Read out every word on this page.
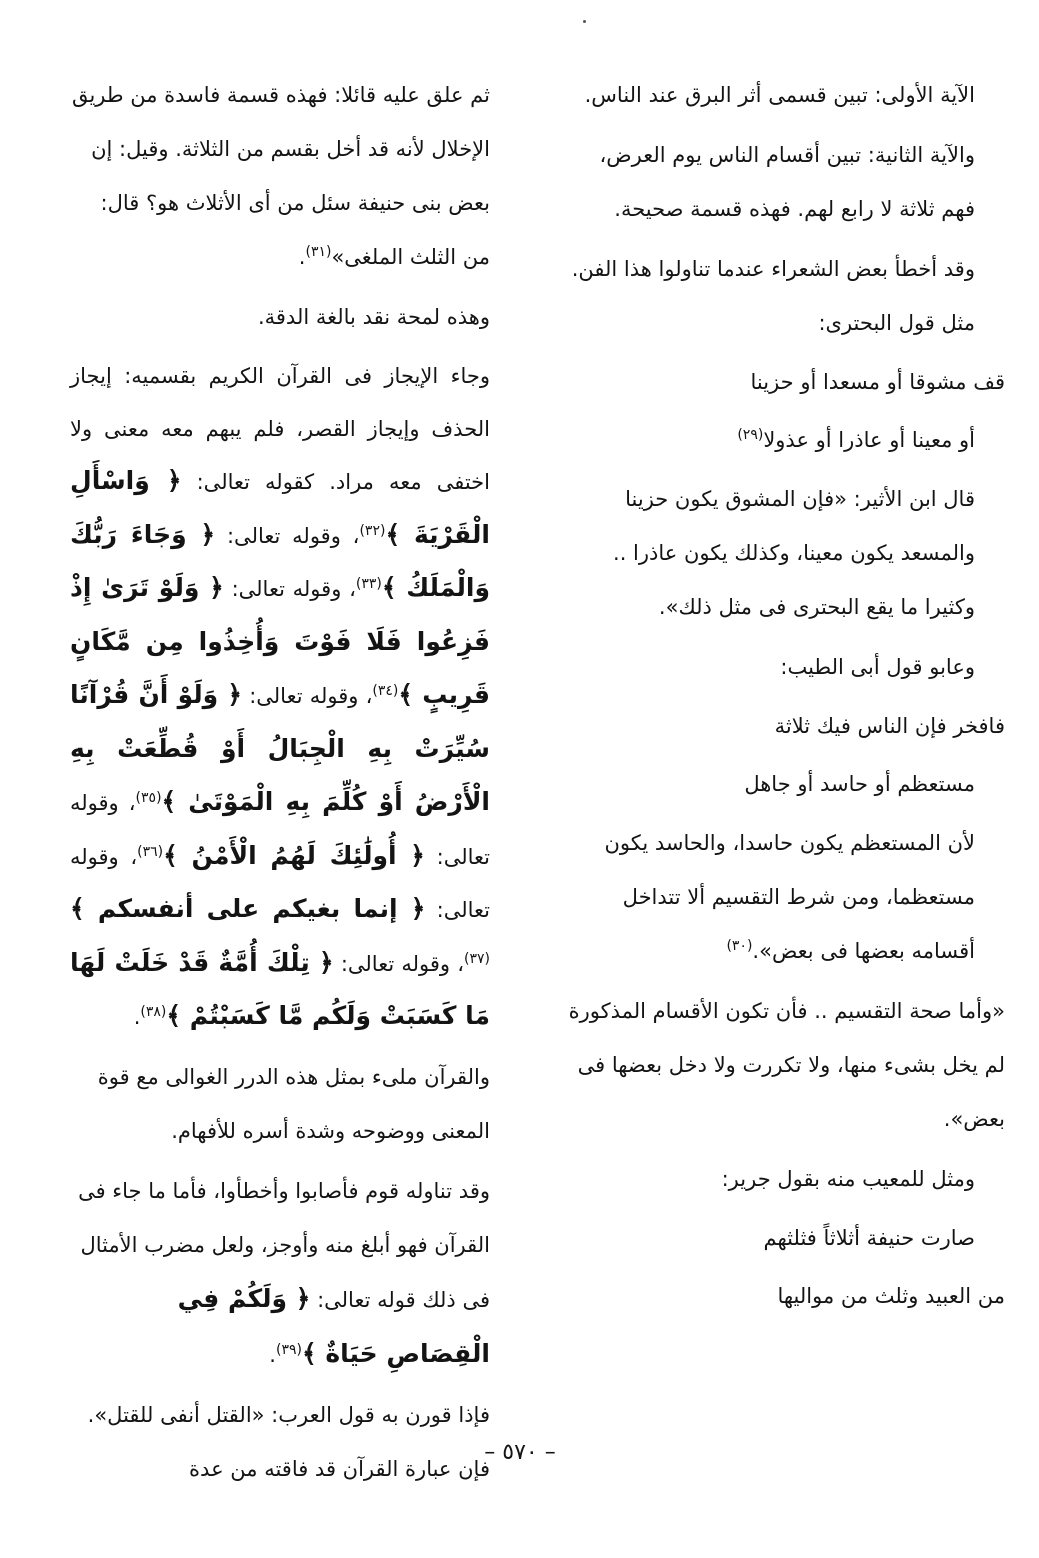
الآية الأولى: تبين قسمى أثر البرق عند الناس.

والآية الثانية: تبين أقسام الناس يوم العرض، فهم ثلاثة لا رابع لهم. فهذه قسمة صحيحة.

وقد أخطأ بعض الشعراء عندما تناولوا هذا الفن. مثل قول البحترى:

قف مشوقا أو مسعدا أو حزينا

أو معينا أو عاذرا أو عذولا$^{(٢٩)}$

قال ابن الأثير: «فإن المشوق يكون حزينا والمسعد يكون معينا، وكذلك يكون عاذرا .. وكثيرا ما يقع البحترى فى مثل ذلك».

وعابو قول أبى الطيب:

فافخر فإن الناس فيك ثلاثة

مستعظم أو حاسد أو جاهل

لأن المستعظم يكون حاسدا، والحاسد يكون مستعظما، ومن شرط التقسيم ألا تتداخل أقسامه بعضها فى بعض».$^{(٣٠)}$

«وأما صحة التقسيم .. فأن تكون الأقسام المذكورة لم يخل بشىء منها، ولا تكررت ولا دخل بعضها فى بعض».

ومثل للمعيب منه بقول جرير:

صارت حنيفة أثلاثاً فثلثهم

من العبيد وثلث من مواليها

ثم علق عليه قائلا: فهذه قسمة فاسدة من طريق الإخلال لأنه قد أخل بقسم من الثلاثة. وقيل: إن بعض بنى حنيفة سئل من أى الأثلاث هو؟ قال: من الثلث الملغى»$^{(٣١)}$.

وهذه لمحة نقد بالغة الدقة.

وجاء الإيجاز فى القرآن الكريم بقسميه: إيجاز الحذف وإيجاز القصر، فلم يبهم معه معنى ولا اختفى معه مراد. كقوله تعالى: ﴿ وَاسْأَلِ الْقَرْيَةَ ﴾$^{(٣٢)}$، وقوله تعالى: ﴿ وَجَاءَ رَبُّكَ وَالْمَلَكُ ﴾$^{(٣٣)}$، وقوله تعالى: ﴿ وَلَوْ تَرَىٰ إِذْ فَزِعُوا فَلَا فَوْتَ وَأُخِذُوا مِن مَّكَانٍ قَرِيبٍ ﴾$^{(٣٤)}$، وقوله تعالى: ﴿ وَلَوْ أَنَّ قُرْآنًا سُيِّرَتْ بِهِ الْجِبَالُ أَوْ قُطِّعَتْ بِهِ الْأَرْضُ أَوْ كُلِّمَ بِهِ الْمَوْتَىٰ ﴾$^{(٣٥)}$، وقوله تعالى: ﴿ أُولَٰئِكَ لَهُمُ الْأَمْنُ ﴾$^{(٣٦)}$، وقوله تعالى: ﴿ إنما بغيكم على أنفسكم ﴾$^{(٣٧)}$، وقوله تعالى: ﴿ تِلْكَ أُمَّةٌ قَدْ خَلَتْ لَهَا مَا كَسَبَتْ وَلَكُم مَّا كَسَبْتُمْ ﴾$^{(٣٨)}$.

والقرآن ملىء بمثل هذه الدرر الغوالى مع قوة المعنى ووضوحه وشدة أسره للأفهام.

وقد تناوله قوم فأصابوا وأخطأوا، فأما ما جاء فى القرآن فهو أبلغ منه وأوجز، ولعل مضرب الأمثال فى ذلك قوله تعالى: ﴿ وَلَكُمْ فِي الْقِصَاصِ حَيَاةٌ ﴾$^{(٣٩)}$.

فإذا قورن به قول العرب: «القتل أنفى للقتل». فإن عبارة القرآن قد فاقته من عدة

– ٥٧٠ –
